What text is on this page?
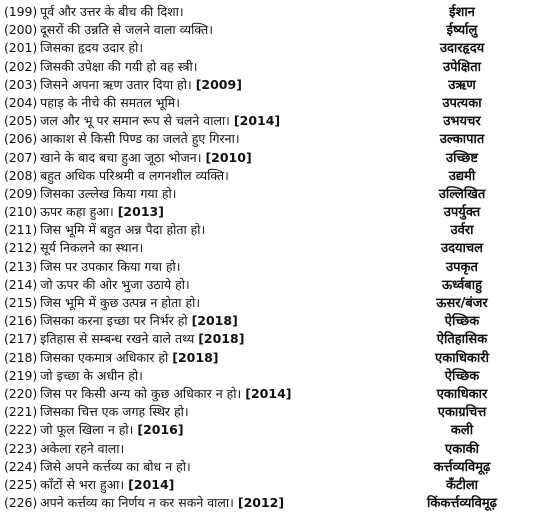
(199) पूर्व और उत्तर के बीच की दिशा।	ईशान
(200) दूसरों की उन्नति से जलने वाला व्यक्ति।	ईर्ष्यालु
(201) जिसका हृदय उदार हो।	उदारहृदय
(202) जिसकी उपेक्षा की गयी हो वह स्त्री।	उपेक्षिता
(203) जिसने अपना ऋण उतार दिया हो। [2009]	उऋण
(204) पहाड़ के नीचे की समतल भूमि।	उपत्यका
(205) जल और भू पर समान रूप से चलने वाला। [2014]	उभयचर
(206) आकाश से किसी पिण्ड का जलते हुए गिरना।	उल्कापात
(207) खाने के बाद बचा हुआ जूठा भोजन। [2010]	उच्छिष्ट
(208) बहुत अधिक परिश्रमी व लगनशील व्यक्ति।	उद्यमी
(209) जिसका उल्लेख किया गया हो।	उल्लिखित
(210) ऊपर कहा हुआ। [2013]	उपर्युक्त
(211) जिस भूमि में बहुत अन्न पैदा होता हो।	उर्वरा
(212) सूर्य निकलने का स्थान।	उदयाचल
(213) जिस पर उपकार किया गया हो।	उपकृत
(214) जो ऊपर की ओर भुजा उठाये हो।	ऊर्ध्वबाहु
(215) जिस भूमि में कुछ उत्पन्न न होता हो।	ऊसर/बंजर
(216) जिसका करना इच्छा पर निर्भर हो [2018]	ऐच्छिक
(217) इतिहास से सम्बन्ध रखने वाले तथ्य [2018]	ऐतिहासिक
(218) जिसका एकमात्र अधिकार हो [2018]	एकाधिकारी
(219) जो इच्छा के अधीन हो।	ऐच्छिक
(220) जिस पर किसी अन्य को कुछ अधिकार न हो। [2014]	एकाधिकार
(221) जिसका चित्त एक जगह स्थिर हो।	एकाग्रचित्त
(222) जो फूल खिला न हो। [2016]	कली
(223) अकेला रहने वाला।	एकाकी
(224) जिसे अपने कर्त्तव्य का बोध न हो।	कर्त्तव्यविमूढ़
(225) काँटों से भरा हुआ। [2014]	कँटीला
(226) अपने कर्त्तव्य का निर्णय न कर सकने वाला। [2012]	किंकर्त्तव्यविमूढ़
